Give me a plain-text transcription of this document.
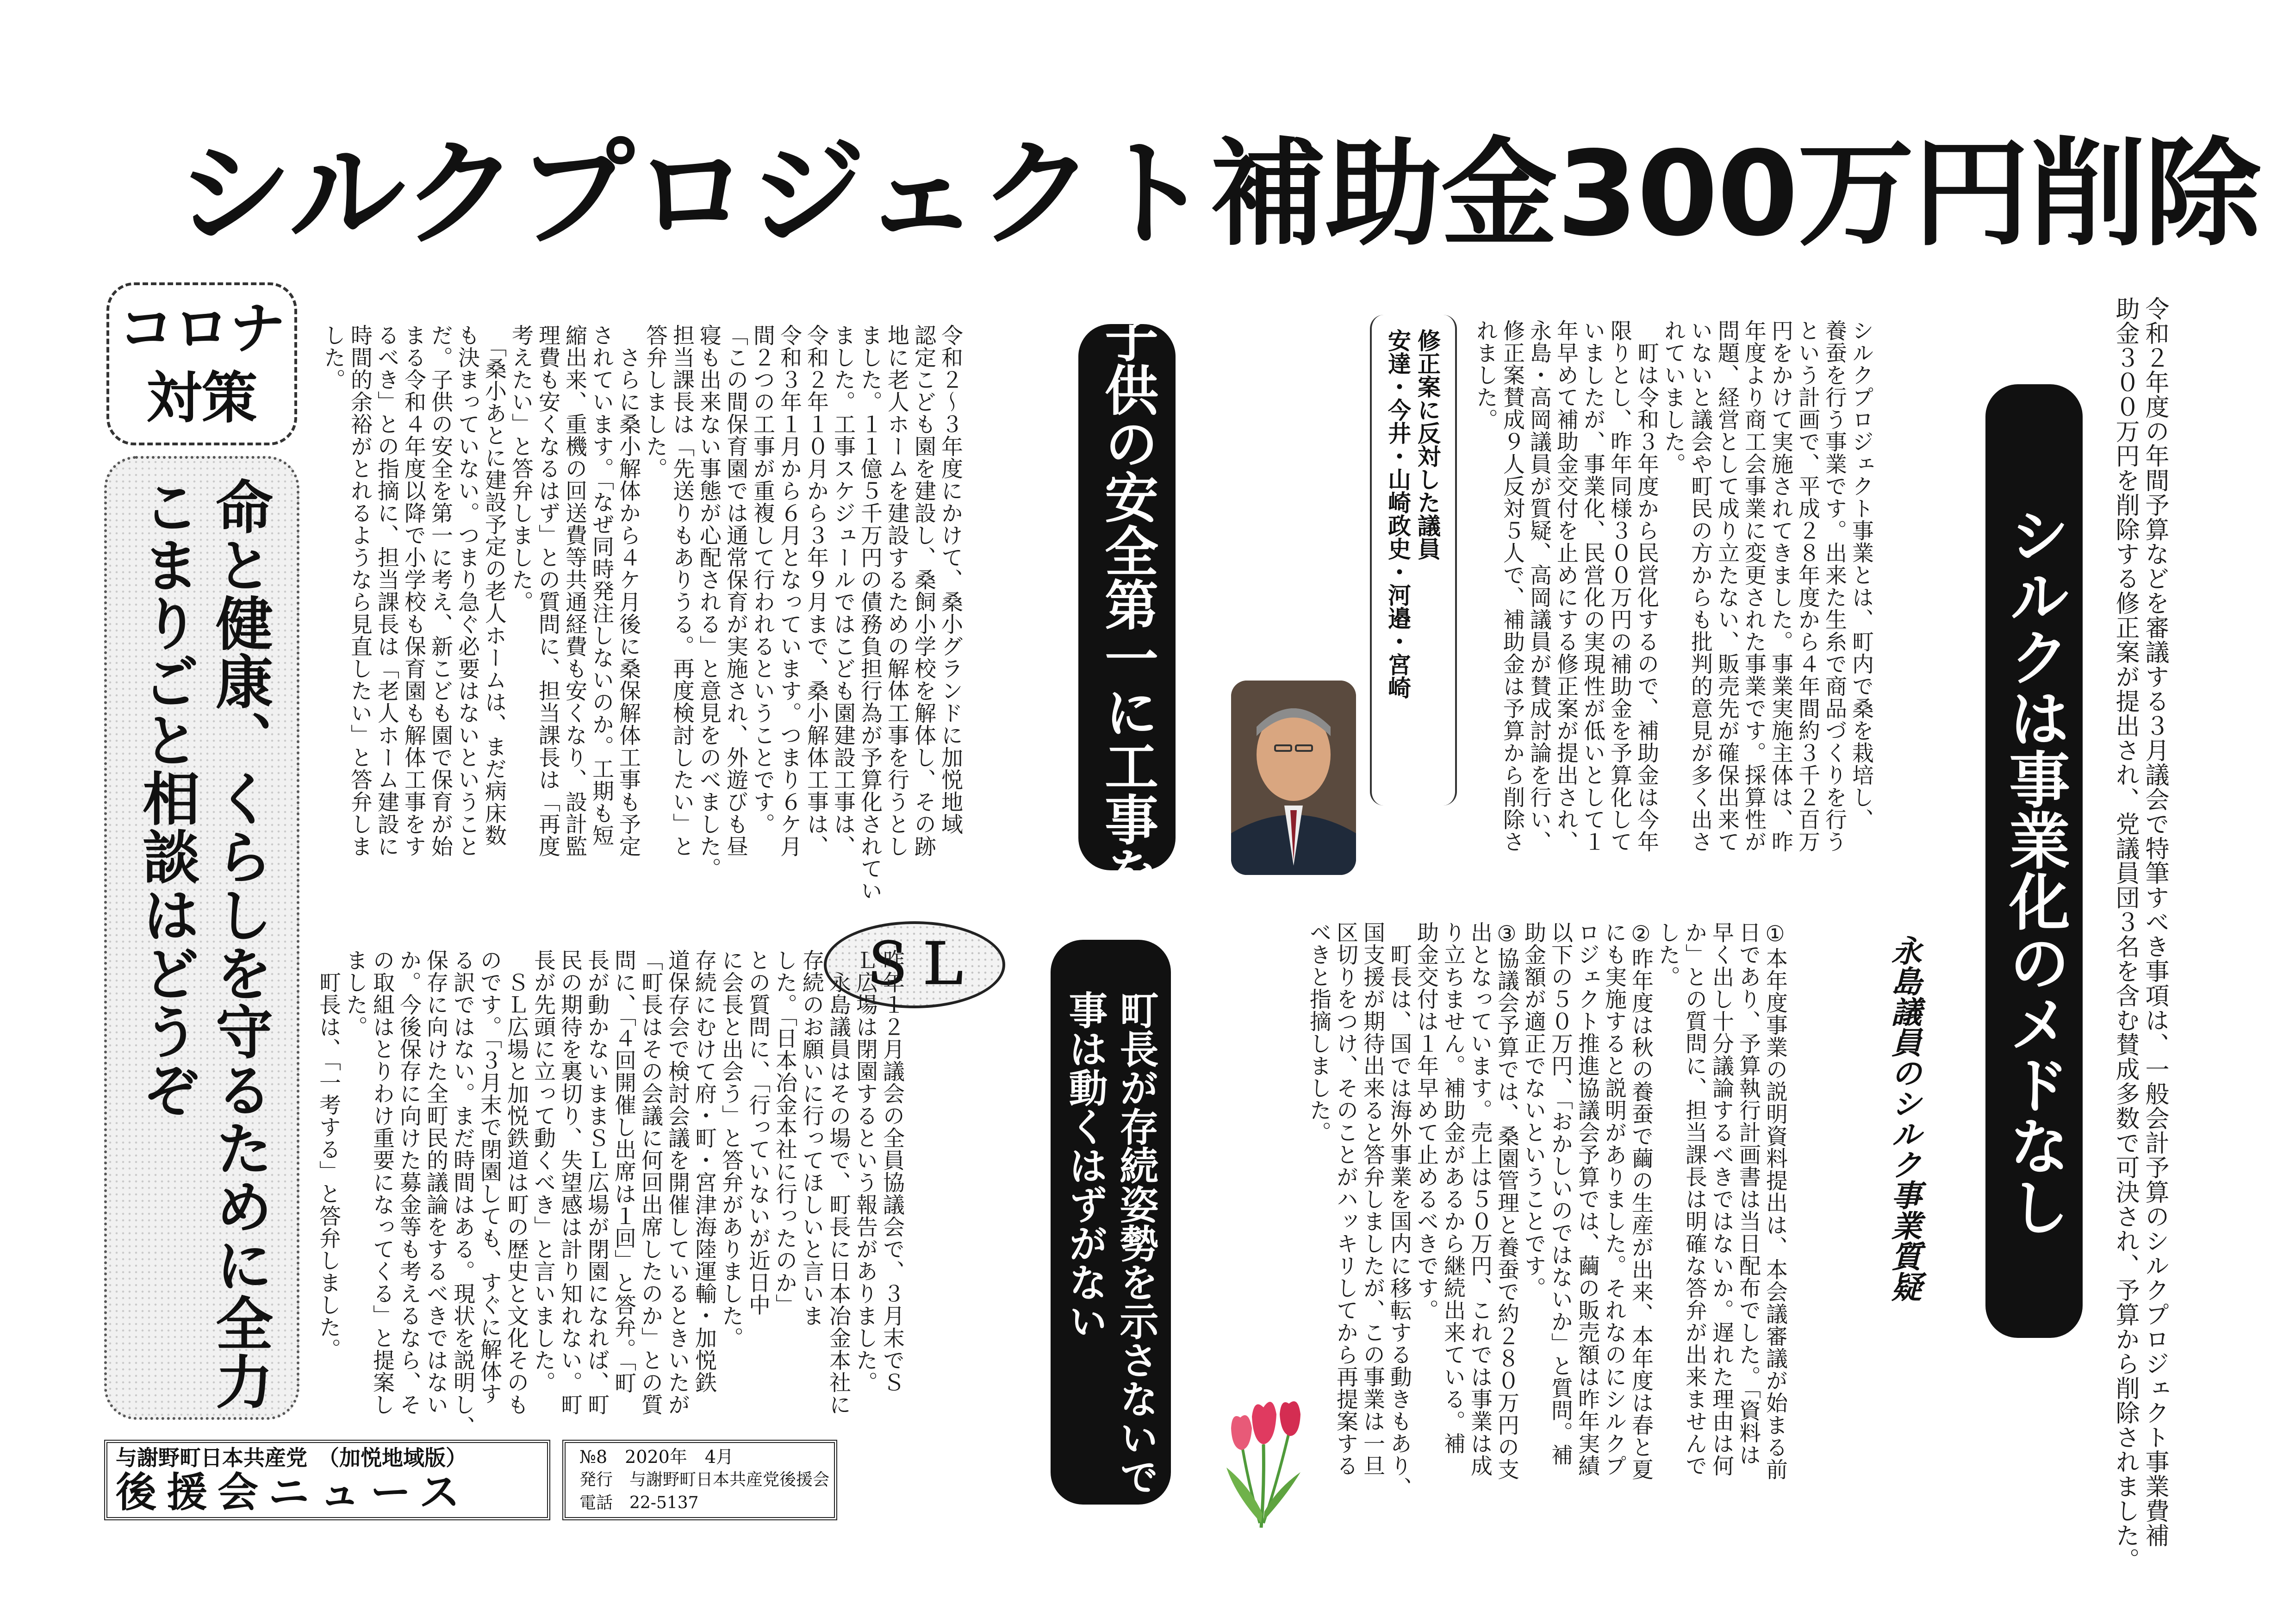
シルクプロジェクト補助金300万円削除
令和２年度の年間予算などを審議する３月議会で特筆すべき事項は、一般会計予算のシルクプロジェクト事業費補
助金３００万円を削除する修正案が提出され、党議員団３名を含む賛成多数で可決され、予算から削除されました。
シルクは事業化のメドなし
シルクプロジェクト事業とは、町内で桑を栽培し、
養蚕を行う事業です。出来た生糸で商品づくりを行う
という計画で、平成２８年度から４年間約３千２百万
円をかけて実施されてきました。事業実施主体は、昨
年度より商工会事業に変更された事業です。採算性が
問題、経営として成り立たない、販売先が確保出来て
いないと議会や町民の方からも批判的意見が多く出さ
れていました。
　町は令和３年度から民営化するので、補助金は今年
限りとし、昨年同様３００万円の補助金を予算化して
いましたが、事業化、民営化の実現性が低いとして１
年早めて補助金交付を止めにする修正案が提出され、
永島・高岡議員が質疑、高岡議員が賛成討論を行い、
修正案賛成９人反対５人で、補助金は予算から削除さ
れました。
修正案に反対した議員
安達・今井・山崎政史・河邉・宮崎
永島議員のシルク事業質疑
①本年度事業の説明資料提出は、本会議審議が始まる前
日であり、予算執行計画書は当日配布でした。「資料は
早く出し十分議論するべきではないか。遅れた理由は何
か」との質問に、担当課長は明確な答弁が出来ませんで
した。
②昨年度は秋の養蚕で繭の生産が出来、本年度は春と夏
にも実施すると説明がありました。それなのにシルクプ
ロジェクト推進協議会予算では、繭の販売額は昨年実績
以下の５０万円、「おかしいのではないか」と質問。補
助金額が適正でないということです。
③協議会予算では、桑園管理と養蚕で約２８０万円の支
出となっています。売上は５０万円、これでは事業は成
り立ちません。補助金があるから継続出来ている。補
助金交付は１年早めて止めるべきです。
　町長は、国では海外事業を国内に移転する動きもあり、
国支援が期待出来ると答弁しましたが、この事業は一旦
区切りをつけ、そのことがハッキリしてから再提案する
べきと指摘しました。
子供の安全第一に工事を
令和２～３年度にかけて、桑小グランドに加悦地域
認定こども園を建設し、桑飼小学校を解体し、その跡
地に老人ホームを建設するための解体工事を行うとし
ました。１１億５千万円の債務負担行為が予算化されてい
ました。工事スケジュールではこども園建設工事は、
令和２年１０月から３年９月まで、桑小解体工事は、
令和３年１月から６月となっています。つまり６ケ月
間２つの工事が重複して行われるということです。
「この間保育園では通常保育が実施され、外遊びも昼
寝も出来ない事態が心配される」と意見をのべました。
担当課長は「先送りもありうる。再度検討したい」と
答弁しました。
　さらに桑小解体から４ケ月後に桑保解体工事も予定
されています。「なぜ同時発注しないのか。工期も短
縮出来、重機の回送費等共通経費も安くなり、設計監
理費も安くなるはず」との質問に、担当課長は「再度
考えたい」と答弁しました。
　「桑小あとに建設予定の老人ホームは、まだ病床数
も決まっていない。つまり急ぐ必要はないということ
だ。子供の安全を第一に考え、新こども園で保育が始
まる令和４年度以降で小学校も保育園も解体工事をす
るべき」との指摘に、担当課長は「老人ホーム建設に
時間的余裕がとれるようなら見直したい」と答弁しま
した。
コロナ
対策
命と健康、くらしを守るために全力
こまりごと相談はどうぞ	ＳＬ
町長が存続姿勢を示さないで
事は動くはずがない
昨年１２月議会の全員協議会で、３月末でＳ
Ｌ広場は閉園するという報告がありました。
　永島議員はその場で、町長に日本冶金本社に
存続のお願いに行ってほしいと言いま
した。「日本冶金本社に行ったのか」
との質問に、「行っていないが近日中
に会長と出会う」と答弁がありました。
存続にむけて府・町・宮津海陸運輸・加悦鉄
道保存会で検討会議を開催しているときいたが
「町長はその会議に何回出席したのか」との質
問に、「４回開催し出席は１回」と答弁。「町
長が動かないままＳＬ広場が閉園になれば、町
民の期待を裏切り、失望感は計り知れない。町
長が先頭に立って動くべき」と言いました。
　ＳＬ広場と加悦鉄道は町の歴史と文化そのも
のです。「３月末で閉園しても、すぐに解体す
る訳ではない。まだ時間はある。現状を説明し、
保存に向けた全町民的議論をするべきではない
か。今後保存に向けた募金等も考えるなら、そ
の取組はとりわけ重要になってくる」と提案し
ました。
　町長は、「一考する」と答弁しました。
与謝野町日本共産党　（加悦地域版）
後援会ニュース
№8　2020年　4月
発行　与謝野町日本共産党後援会
電話　22-5137
